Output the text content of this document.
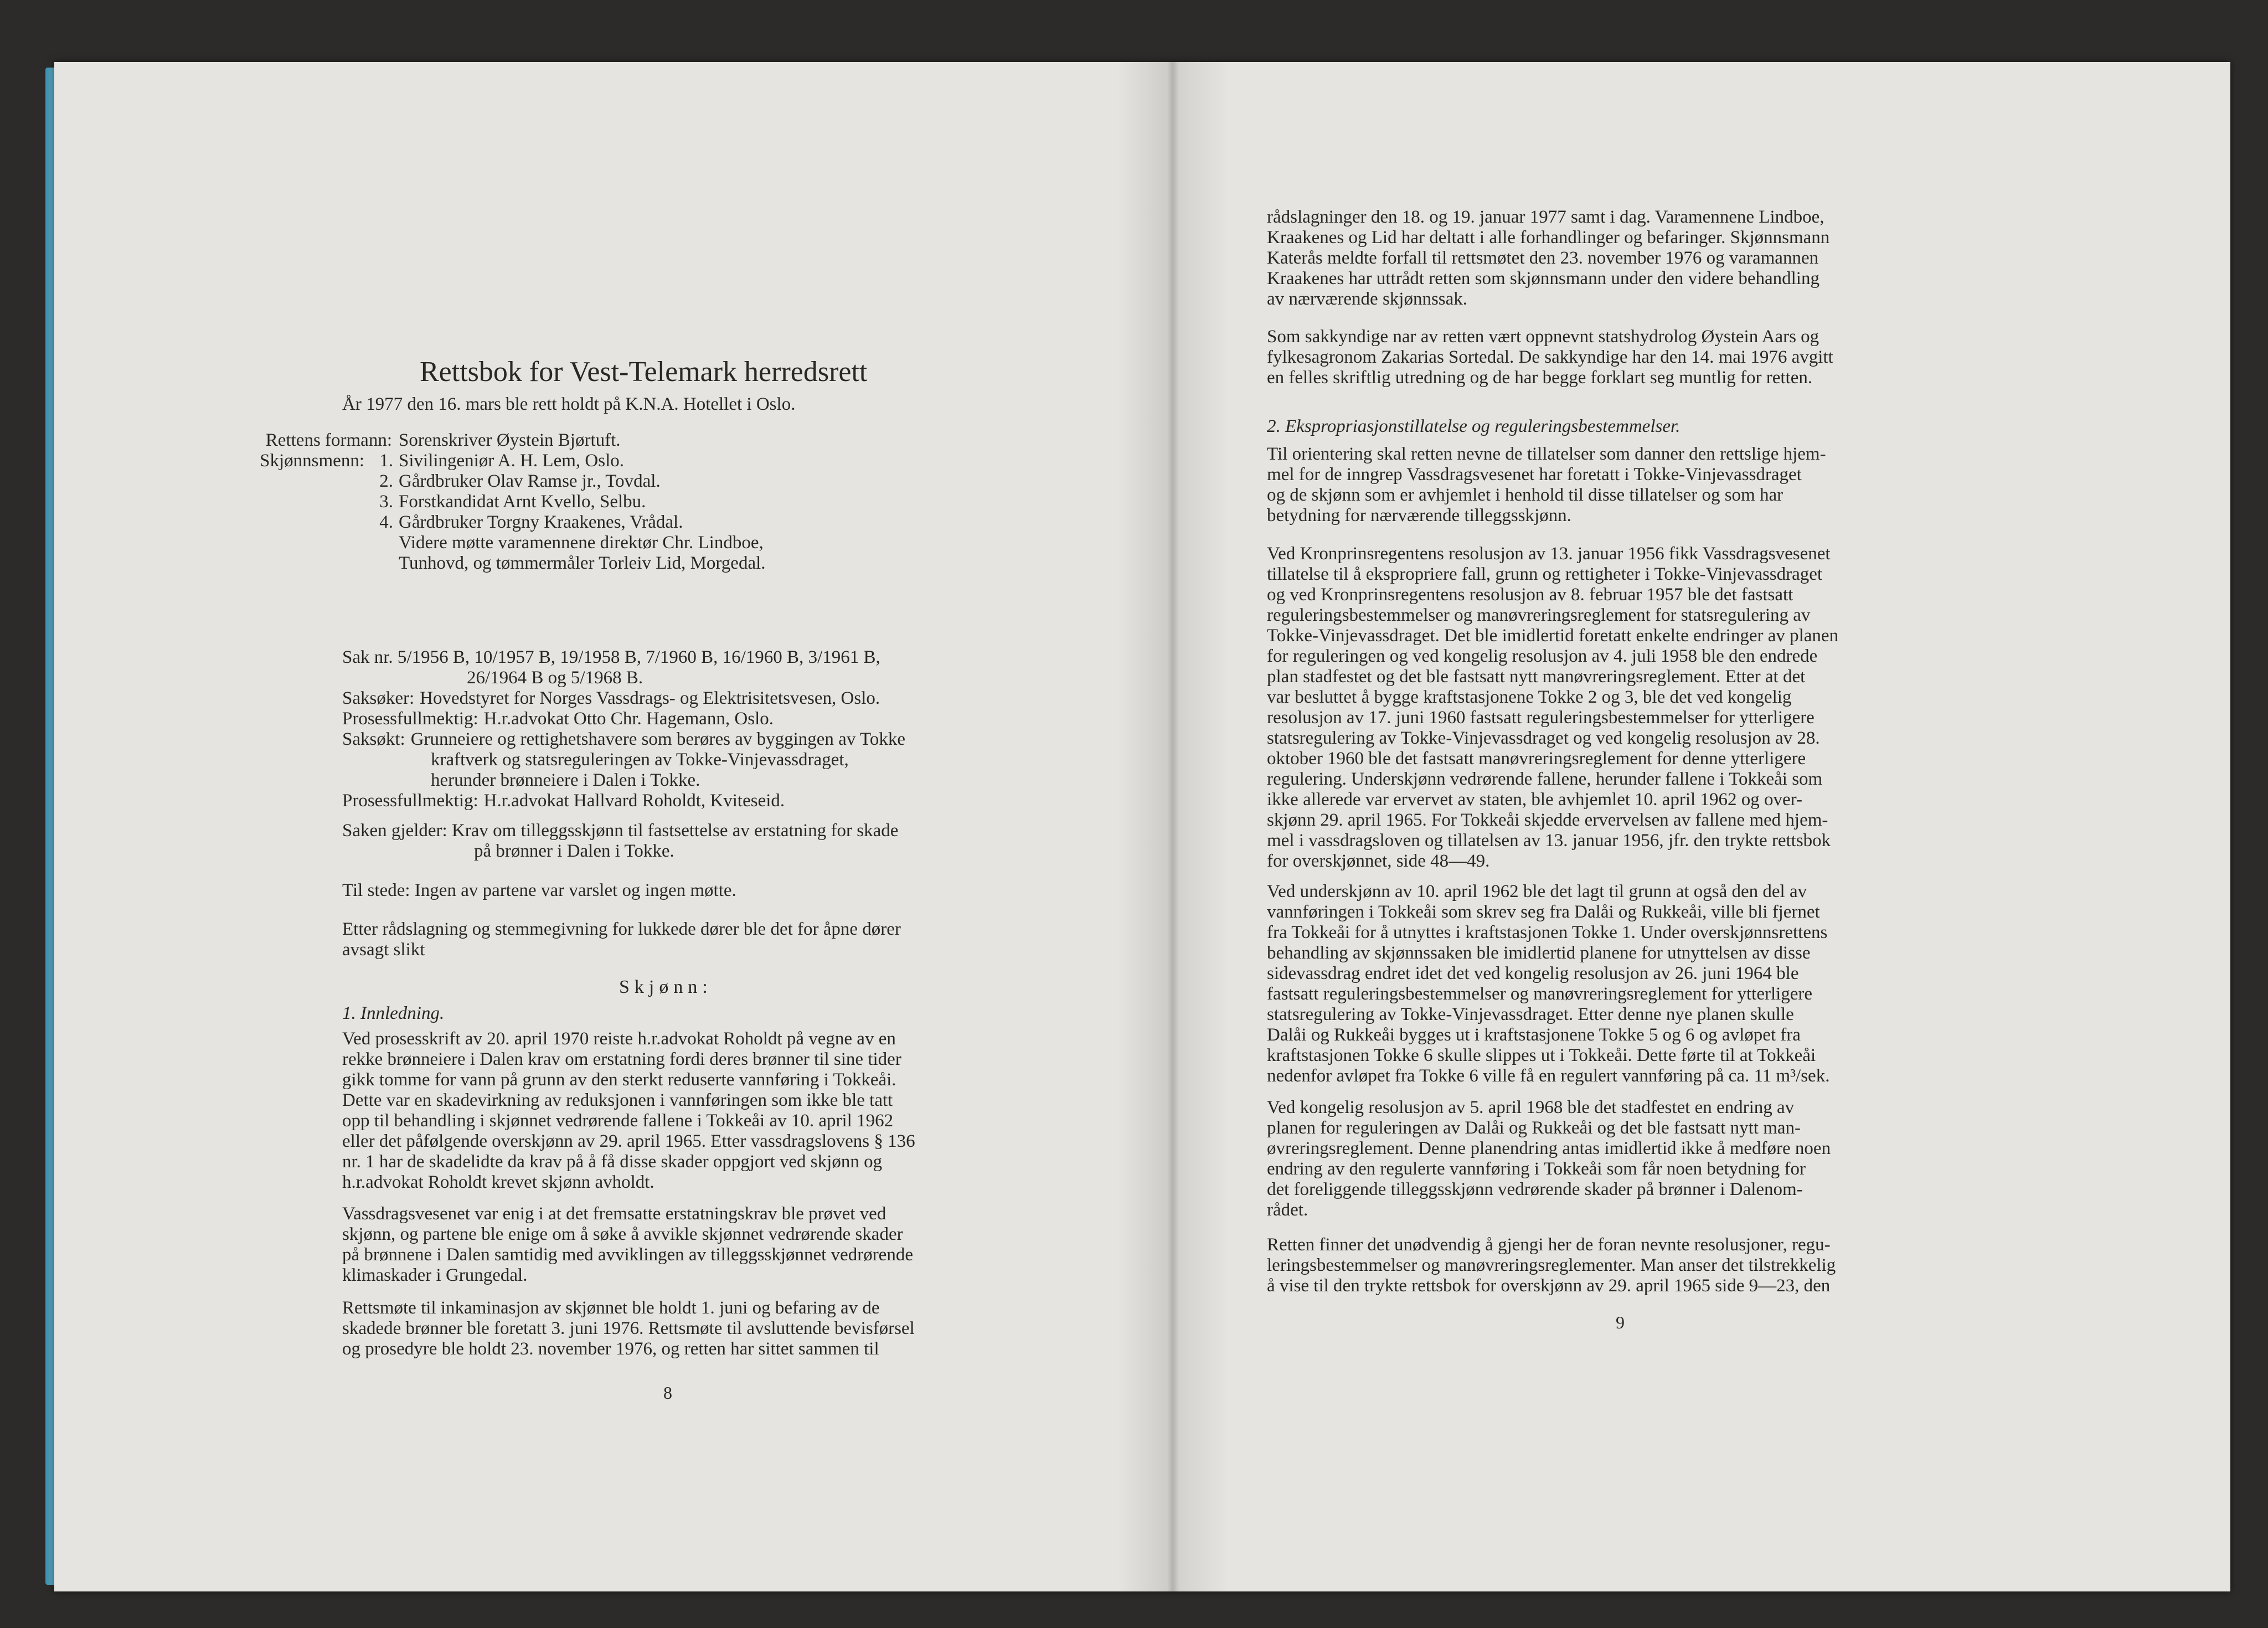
Rettsbok for Vest-Telemark herredsrett

År 1977 den 16. mars ble rett holdt på K.N.A. Hotellet i Oslo.

Rettens formann: Sorenskriver Øystein Bjørtuft.
Skjønnsmenn: 1. Sivilingeniør A. H. Lem, Oslo.
2. Gårdbruker Olav Ramse jr., Tovdal.
3. Forstkandidat Arnt Kvello, Selbu.
4. Gårdbruker Torgny Kraakenes, Vrådal.
Videre møtte varamennene direktør Chr. Lindboe,
Tunhovd, og tømmermåler Torleiv Lid, Morgedal.
Sak nr. 5/1956 B, 10/1957 B, 19/1958 B, 7/1960 B, 16/1960 B, 3/1961 B,
26/1964 B og 5/1968 B.
Saksøker: Hovedstyret for Norges Vassdrags- og Elektrisitetsvesen, Oslo.
Prosessfullmektig: H.r.advokat Otto Chr. Hagemann, Oslo.
Saksøkt: Grunneiere og rettighetshavere som berøres av byggingen av Tokke
kraftverk og statsreguleringen av Tokke-Vinjevassdraget,
herunder brønneiere i Dalen i Tokke.
Prosessfullmektig: H.r.advokat Hallvard Roholdt, Kviteseid.
Saken gjelder: Krav om tilleggsskjønn til fastsettelse av erstatning for skade
på brønner i Dalen i Tokke.

Til stede: Ingen av partene var varslet og ingen møtte.

Etter rådslagning og stemmegivning for lukkede dører ble det for åpne dører
avsagt slikt
Skjønn:

1. Innledning.

Ved prosesskrift av 20. april 1970 reiste h.r.advokat Roholdt på vegne av en
rekke brønneiere i Dalen krav om erstatning fordi deres brønner til sine tider
gikk tomme for vann på grunn av den sterkt reduserte vannføring i Tokkeåi.
Dette var en skadevirkning av reduksjonen i vannføringen som ikke ble tatt
opp til behandling i skjønnet vedrørende fallene i Tokkeåi av 10. april 1962
eller det påfølgende overskjønn av 29. april 1965. Etter vassdragslovens § 136
nr. 1 har de skadelidte da krav på å få disse skader oppgjort ved skjønn og
h.r.advokat Roholdt krevet skjønn avholdt.
Vassdragsvesenet var enig i at det fremsatte erstatningskrav ble prøvet ved
skjønn, og partene ble enige om å søke å avvikle skjønnet vedrørende skader
på brønnene i Dalen samtidig med avviklingen av tilleggsskjønnet vedrørende
klimaskader i Grungedal.
Rettsmøte til inkaminasjon av skjønnet ble holdt 1. juni og befaring av de
skadede brønner ble foretatt 3. juni 1976. Rettsmøte til avsluttende bevisførsel
og prosedyre ble holdt 23. november 1976, og retten har sittet sammen til
8
rådslagninger den 18. og 19. januar 1977 samt i dag. Varamennene Lindboe,
Kraakenes og Lid har deltatt i alle forhandlinger og befaringer. Skjønnsmann
Katerås meldte forfall til rettsmøtet den 23. november 1976 og varamannen
Kraakenes har uttrådt retten som skjønnsmann under den videre behandling
av nærværende skjønnssak.
Som sakkyndige nar av retten vært oppnevnt statshydrolog Øystein Aars og
fylkesagronom Zakarias Sortedal. De sakkyndige har den 14. mai 1976 avgitt
en felles skriftlig utredning og de har begge forklart seg muntlig for retten.

2. Ekspropriasjonstillatelse og reguleringsbestemmelser.

Til orientering skal retten nevne de tillatelser som danner den rettslige hjem-
mel for de inngrep Vassdragsvesenet har foretatt i Tokke-Vinjevassdraget
og de skjønn som er avhjemlet i henhold til disse tillatelser og som har
betydning for nærværende tilleggsskjønn.
Ved Kronprinsregentens resolusjon av 13. januar 1956 fikk Vassdragsvesenet
tillatelse til å ekspropriere fall, grunn og rettigheter i Tokke-Vinjevassdraget
og ved Kronprinsregentens resolusjon av 8. februar 1957 ble det fastsatt
reguleringsbestemmelser og manøvreringsreglement for statsregulering av
Tokke-Vinjevassdraget. Det ble imidlertid foretatt enkelte endringer av planen
for reguleringen og ved kongelig resolusjon av 4. juli 1958 ble den endrede
plan stadfestet og det ble fastsatt nytt manøvreringsreglement. Etter at det
var besluttet å bygge kraftstasjonene Tokke 2 og 3, ble det ved kongelig
resolusjon av 17. juni 1960 fastsatt reguleringsbestemmelser for ytterligere
statsregulering av Tokke-Vinjevassdraget og ved kongelig resolusjon av 28.
oktober 1960 ble det fastsatt manøvreringsreglement for denne ytterligere
regulering. Underskjønn vedrørende fallene, herunder fallene i Tokkeåi som
ikke allerede var ervervet av staten, ble avhjemlet 10. april 1962 og over-
skjønn 29. april 1965. For Tokkeåi skjedde ervervelsen av fallene med hjem-
mel i vassdragsloven og tillatelsen av 13. januar 1956, jfr. den trykte rettsbok
for overskjønnet, side 48—49.
Ved underskjønn av 10. april 1962 ble det lagt til grunn at også den del av
vannføringen i Tokkeåi som skrev seg fra Dalåi og Rukkeåi, ville bli fjernet
fra Tokkeåi for å utnyttes i kraftstasjonen Tokke 1. Under overskjønnsrettens
behandling av skjønnssaken ble imidlertid planene for utnyttelsen av disse
sidevassdrag endret idet det ved kongelig resolusjon av 26. juni 1964 ble
fastsatt reguleringsbestemmelser og manøvreringsreglement for ytterligere
statsregulering av Tokke-Vinjevassdraget. Etter denne nye planen skulle
Dalåi og Rukkeåi bygges ut i kraftstasjonene Tokke 5 og 6 og avløpet fra
kraftstasjonen Tokke 6 skulle slippes ut i Tokkeåi. Dette førte til at Tokkeåi
nedenfor avløpet fra Tokke 6 ville få en regulert vannføring på ca. 11 m³/sek.
Ved kongelig resolusjon av 5. april 1968 ble det stadfestet en endring av
planen for reguleringen av Dalåi og Rukkeåi og det ble fastsatt nytt man-
øvreringsreglement. Denne planendring antas imidlertid ikke å medføre noen
endring av den regulerte vannføring i Tokkeåi som får noen betydning for
det foreliggende tilleggsskjønn vedrørende skader på brønner i Dalenom-
rådet.
Retten finner det unødvendig å gjengi her de foran nevnte resolusjoner, regu-
leringsbestemmelser og manøvreringsreglementer. Man anser det tilstrekkelig
å vise til den trykte rettsbok for overskjønn av 29. april 1965 side 9—23, den
9
